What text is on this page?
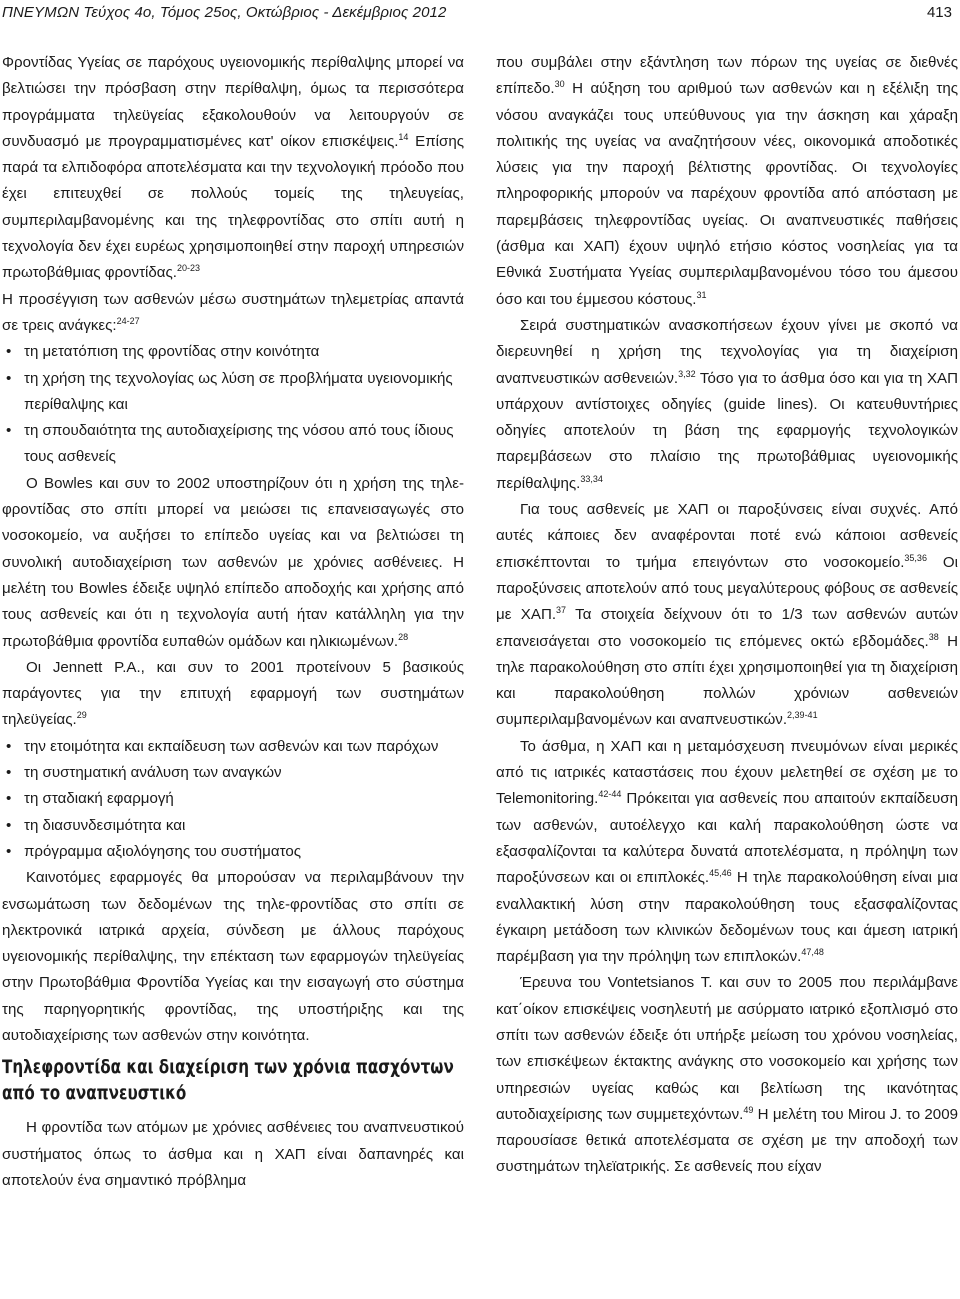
ΠΝΕΥΜΩΝ Τεύχος 4ο, Τόμος 25ος, Οκτώβριος - Δεκέμβριος 2012	413

Φροντίδας Υγείας σε παρόχους υγειονομικής περίθαλψης μπορεί να βελτιώσει την πρόσβαση στην περίθαλψη, όμως τα περισσότερα προγράμματα τηλεϋγείας εξακολουθούν να λειτουργούν σε συνδυασμό με προγραμματισμένες κατ' οίκον επισκέψεις.$^{14}$ Επίσης παρά τα ελπιδοφόρα αποτελέσματα και την τεχνολογική πρόοδο που έχει επιτευχθεί σε πολλούς τομείς της τηλευγείας, συμπεριλαμβανομένης και της τηλεφροντίδας στο σπίτι αυτή η τεχνολογία δεν έχει ευρέως χρησιμοποιηθεί στην παροχή υπηρεσιών πρωτοβάθμιας φροντίδας.$^{20-23}$

Η προσέγγιση των ασθενών μέσω συστημάτων τηλεμετρίας απαντά σε τρεις ανάγκες:$^{24-27}$

• τη μετατόπιση της φροντίδας στην κοινότητα
• τη χρήση της τεχνολογίας ως λύση σε προβλήματα υγειονομικής περίθαλψης και
• τη σπουδαιότητα της αυτοδιαχείρισης της νόσου από τους ίδιους τους ασθενείς

Ο Bowles και συν το 2002 υποστηρίζουν ότι η χρήση της τηλε-φροντίδας στο σπίτι μπορεί να μειώσει τις επανεισαγωγές στο νοσοκομείο, να αυξήσει το επίπεδο υγείας και να βελτιώσει τη συνολική αυτοδιαχείριση των ασθενών με χρόνιες ασθένειες. Η μελέτη του Bowles έδειξε υψηλό επίπεδο αποδοχής και χρήσης από τους ασθενείς και ότι η τεχνολογία αυτή ήταν κατάλληλη για την πρωτοβάθμια φροντίδα ευπαθών ομάδων και ηλικιωμένων.$^{28}$

Οι Jennett P.A., και συν το 2001 προτείνουν 5 βασικούς παράγοντες για την επιτυχή εφαρμογή των συστημάτων τηλεϋγείας.$^{29}$

• την ετοιμότητα και εκπαίδευση των ασθενών και των παρόχων
• τη συστηματική ανάλυση των αναγκών
• τη σταδιακή εφαρμογή
• τη διασυνδεσιμότητα και
• πρόγραμμα αξιολόγησης του συστήματος

Καινοτόμες εφαρμογές θα μπορούσαν να περιλαμβάνουν την ενσωμάτωση των δεδομένων της τηλε-φροντίδας στο σπίτι σε ηλεκτρονικά ιατρικά αρχεία, σύνδεση με άλλους παρόχους υγειονομικής περίθαλψης, την επέκταση των εφαρμογών τηλεϋγείας στην Πρωτοβάθμια Φροντίδα Υγείας και την εισαγωγή στο σύστημα της παρηγορητικής φροντίδας, της υποστήριξης και της αυτοδιαχείρισης των ασθενών στην κοινότητα.

Τηλεφροντίδα και διαχείριση των χρόνια πασχόντων από το αναπνευστικό

Η φροντίδα των ατόμων με χρόνιες ασθένειες του αναπνευστικού συστήματος όπως το άσθμα και η ΧΑΠ είναι δαπανηρές και αποτελούν ένα σημαντικό πρόβλημα

που συμβάλει στην εξάντληση των πόρων της υγείας σε διεθνές επίπεδο.$^{30}$ Η αύξηση του αριθμού των ασθενών και η εξέλιξη της νόσου αναγκάζει τους υπεύθυνους για την άσκηση και χάραξη πολιτικής της υγείας να αναζητήσουν νέες, οικονομικά αποδοτικές λύσεις για την παροχή βέλτιστης φροντίδας. Οι τεχνολογίες πληροφορικής μπορούν να παρέχουν φροντίδα από απόσταση με παρεμβάσεις τηλεφροντίδας υγείας. Οι αναπνευστικές παθήσεις (άσθμα και ΧΑΠ) έχουν υψηλό ετήσιο κόστος νοσηλείας για τα Εθνικά Συστήματα Υγείας συμπεριλαμβανομένου τόσο του άμεσου όσο και του έμμεσου κόστους.$^{31}$

Σειρά συστηματικών ανασκοπήσεων έχουν γίνει με σκοπό να διερευνηθεί η χρήση της τεχνολογίας για τη διαχείριση αναπνευστικών ασθενειών.$^{3,32}$ Τόσο για το άσθμα όσο και για τη ΧΑΠ υπάρχουν αντίστοιχες οδηγίες (guide lines). Οι κατευθυντήριες οδηγίες αποτελούν τη βάση της εφαρμογής τεχνολογικών παρεμβάσεων στο πλαίσιο της πρωτοβάθμιας υγειονομικής περίθαλψης.$^{33,34}$

Για τους ασθενείς με ΧΑΠ οι παροξύνσεις είναι συχνές. Από αυτές κάποιες δεν αναφέρονται ποτέ ενώ κάποιοι ασθενείς επισκέπτονται το τμήμα επειγόντων στο νοσοκομείο.$^{35,36}$ Οι παροξύνσεις αποτελούν από τους μεγαλύτερους φόβους σε ασθενείς με ΧΑΠ.$^{37}$ Τα στοιχεία δείχνουν ότι το 1/3 των ασθενών αυτών επανεισάγεται στο νοσοκομείο τις επόμενες οκτώ εβδομάδες.$^{38}$ Η τηλε παρακολούθηση στο σπίτι έχει χρησιμοποιηθεί για τη διαχείριση και παρακολούθηση πολλών χρόνιων ασθενειών συμπεριλαμβανομένων και αναπνευστικών.$^{2,39-41}$

Το άσθμα, η ΧΑΠ και η μεταμόσχευση πνευμόνων είναι μερικές από τις ιατρικές καταστάσεις που έχουν μελετηθεί σε σχέση με το Telemonitoring.$^{42-44}$ Πρόκειται για ασθενείς που απαιτούν εκπαίδευση των ασθενών, αυτοέλεγχο και καλή παρακολούθηση ώστε να εξασφαλίζονται τα καλύτερα δυνατά αποτελέσματα, η πρόληψη των παροξύνσεων και οι επιπλοκές.$^{45,46}$ Η τηλε παρακολούθηση είναι μια εναλλακτική λύση στην παρακολούθηση τους εξασφαλίζοντας έγκαιρη μετάδοση των κλινικών δεδομένων τους και άμεση ιατρική παρέμβαση για την πρόληψη των επιπλοκών.$^{47,48}$

Έρευνα του Vontetsianos T. και συν το 2005 που περιλάμβανε κατ΄οίκον επισκέψεις νοσηλευτή με ασύρματο ιατρικό εξοπλισμό στο σπίτι των ασθενών έδειξε ότι υπήρξε μείωση του χρόνου νοσηλείας, των επισκέψεων έκτακτης ανάγκης στο νοσοκομείο και χρήσης των υπηρεσιών υγείας καθώς και βελτίωση της ικανότητας αυτοδιαχείρισης των συμμετεχόντων.$^{49}$ Η μελέτη του Mirou J. το 2009 παρουσίασε θετικά αποτελέσματα σε σχέση με την αποδοχή των συστημάτων τηλεϊατρικής. Σε ασθενείς που είχαν
